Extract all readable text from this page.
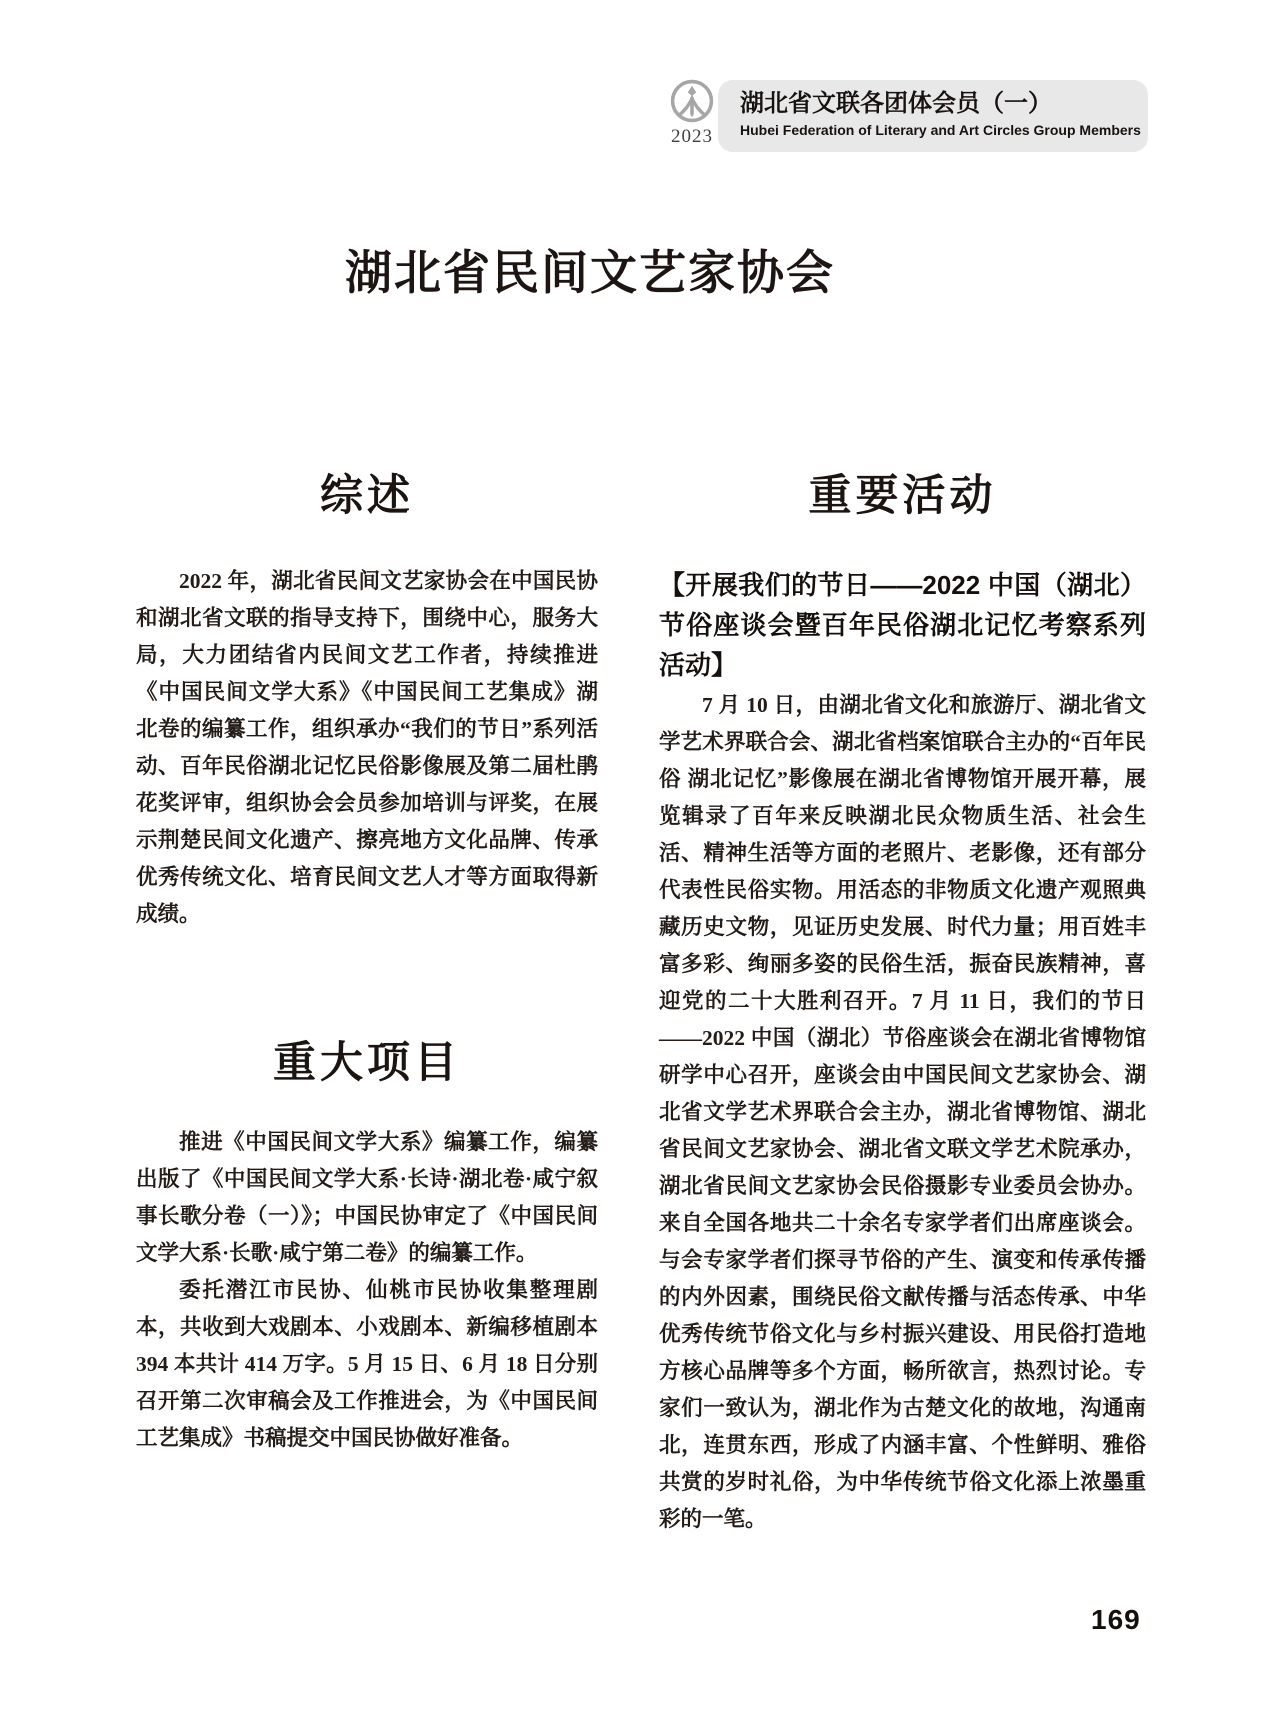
2023
湖北省文联各团体会员（一）
Hubei Federation of Literary and Art Circles Group Members
湖北省民间文艺家协会
综述

2022 年，湖北省民间文艺家协会在中国民协和湖北省文联的指导支持下，围绕中心，服务大局，大力团结省内民间文艺工作者，持续推进《中国民间文学大系》《中国民间工艺集成》湖北卷的编纂工作，组织承办“我们的节日”系列活动、百年民俗湖北记忆民俗影像展及第二届杜鹃花奖评审，组织协会会员参加培训与评奖，在展示荆楚民间文化遗产、擦亮地方文化品牌、传承优秀传统文化、培育民间文艺人才等方面取得新成绩。

重大项目

推进《中国民间文学大系》编纂工作，编纂出版了《中国民间文学大系·长诗·湖北卷·咸宁叙事长歌分卷（一）》；中国民协审定了《中国民间文学大系·长歌·咸宁第二卷》的编纂工作。

委托潜江市民协、仙桃市民协收集整理剧本，共收到大戏剧本、小戏剧本、新编移植剧本 394 本共计 414 万字。5 月 15 日、6 月 18 日分别召开第二次审稿会及工作推进会，为《中国民间工艺集成》书稿提交中国民协做好准备。

重要活动
【开展我们的节日——2022 中国（湖北）节俗座谈会暨百年民俗湖北记忆考察系列活动】

7 月 10 日，由湖北省文化和旅游厅、湖北省文学艺术界联合会、湖北省档案馆联合主办的“百年民俗 湖北记忆”影像展在湖北省博物馆开展开幕，展览辑录了百年来反映湖北民众物质生活、社会生活、精神生活等方面的老照片、老影像，还有部分代表性民俗实物。用活态的非物质文化遗产观照典藏历史文物，见证历史发展、时代力量；用百姓丰富多彩、绚丽多姿的民俗生活，振奋民族精神，喜迎党的二十大胜利召开。7 月 11 日，我们的节日——2022 中国（湖北）节俗座谈会在湖北省博物馆研学中心召开，座谈会由中国民间文艺家协会、湖北省文学艺术界联合会主办，湖北省博物馆、湖北省民间文艺家协会、湖北省文联文学艺术院承办，湖北省民间文艺家协会民俗摄影专业委员会协办。来自全国各地共二十余名专家学者们出席座谈会。与会专家学者们探寻节俗的产生、演变和传承传播的内外因素，围绕民俗文献传播与活态传承、中华优秀传统节俗文化与乡村振兴建设、用民俗打造地方核心品牌等多个方面，畅所欲言，热烈讨论。专家们一致认为，湖北作为古楚文化的故地，沟通南北，连贯东西，形成了内涵丰富、个性鲜明、雅俗共赏的岁时礼俗，为中华传统节俗文化添上浓墨重彩的一笔。

169
